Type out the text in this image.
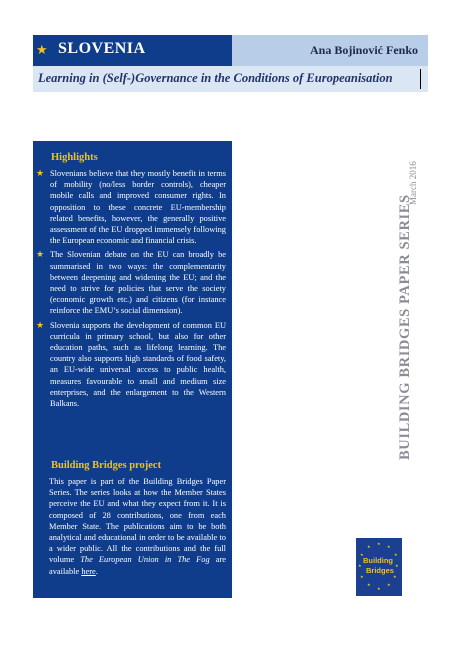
★ SLOVENIA	Ana Bojinović Fenko
Learning in (Self-)Governance in the Conditions of Europeanisation
Highlights
★ Slovenians believe that they mostly benefit in terms of mobility (no/less border controls), cheaper mobile calls and improved consumer rights. In opposition to these concrete EU-membership related benefits, however, the generally positive assessment of the EU dropped immensely following the European economic and financial crisis.
★ The Slovenian debate on the EU can broadly be summarised in two ways: the complementarity between deepening and widening the EU; and the need to strive for policies that serve the society (economic growth etc.) and citizens (for instance reinforce the EMU’s social dimension).
★ Slovenia supports the development of common EU curricula in primary school, but also for other education paths, such as lifelong learning. The country also supports high standards of food safety, an EU-wide universal access to public health, measures favourable to small and medium size enterprises, and the enlargement to the Western Balkans.
Building Bridges project
This paper is part of the Building Bridges Paper Series. The series looks at how the Member States perceive the EU and what they expect from it. It is composed of 28 contributions, one from each Member State. The publications aim to be both analytical and educational in order to be available to a wider public. All the contributions and the full volume The European Union in The Fog are available here.
BUILDING BRIDGES PAPER SERIES
March 2016
★
★
★
★
★
★
★
★
★
★
★
★
Building
Bridges
